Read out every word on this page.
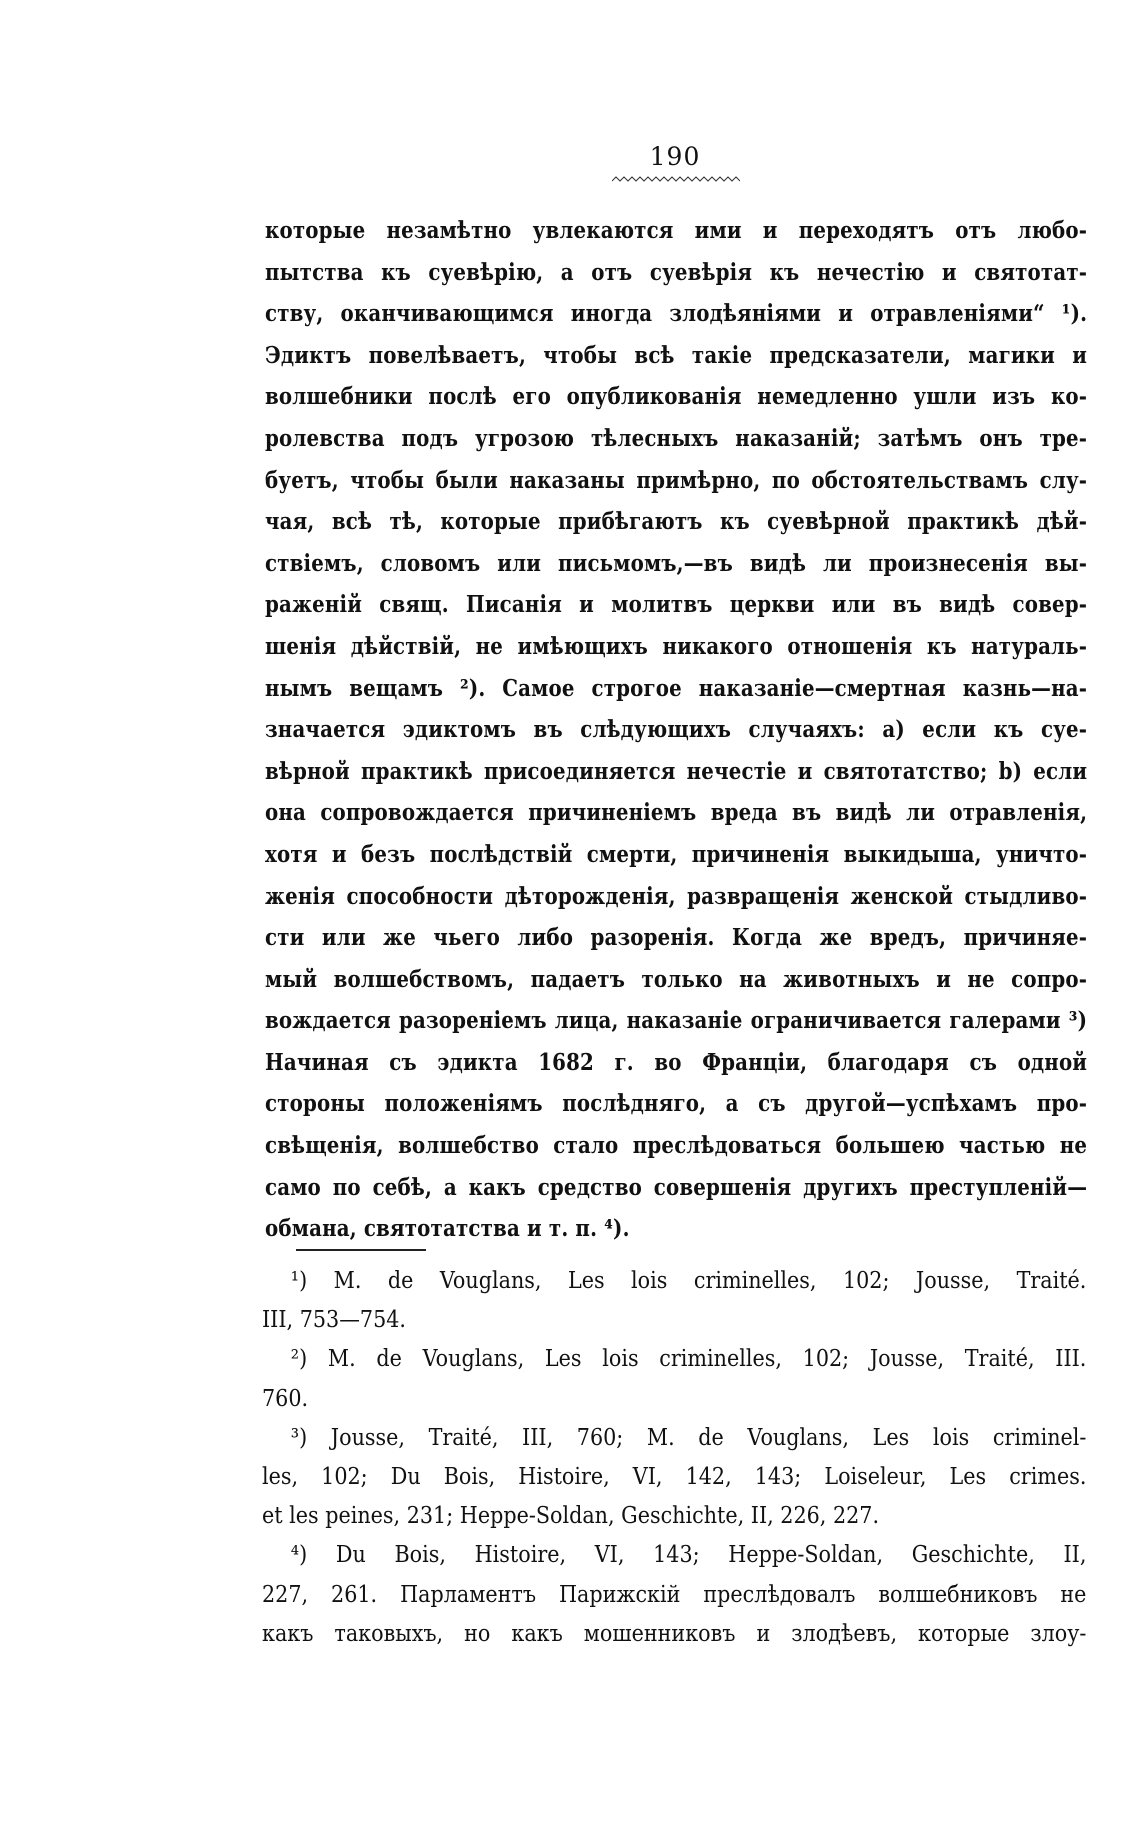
190
которые незамѣтно увлекаются ими и переходятъ отъ любо-
пытства къ суевѣрію, а отъ суевѣрія къ нечестію и святотат-
ству, оканчивающимся иногда злодѣяніями и отравленіями“ ¹).
Эдиктъ повелѣваетъ, чтобы всѣ такіе предсказатели, магики и
волшебники послѣ его опубликованія немедленно ушли изъ ко-
ролевства подъ угрозою тѣлесныхъ наказаній; затѣмъ онъ тре-
буетъ, чтобы были наказаны примѣрно, по обстоятельствамъ слу-
чая, всѣ тѣ, которые прибѣгаютъ къ суевѣрной практикѣ дѣй-
ствіемъ, словомъ или письмомъ,—въ видѣ ли произнесенія вы-
раженій свящ. Писанія и молитвъ церкви или въ видѣ совер-
шенія дѣйствій, не имѣющихъ никакого отношенія къ натураль-
нымъ вещамъ ²). Самое строгое наказаніе—смертная казнь—на-
значается эдиктомъ въ слѣдующихъ случаяхъ: a) если къ суе-
вѣрной практикѣ присоединяется нечестіе и святотатство; b) если
она сопровождается причиненіемъ вреда въ видѣ ли отравленія,
хотя и безъ послѣдствій смерти, причиненія выкидыша, уничто-
женія способности дѣторожденія, развращенія женской стыдливо-
сти или же чьего либо разоренія. Когда же вредъ, причиняе-
мый волшебствомъ, падаетъ только на животныхъ и не сопро-
вождается разореніемъ лица, наказаніе ограничивается галерами ³)
Начиная съ эдикта 1682 г. во Франціи, благодаря съ одной
стороны положеніямъ послѣдняго, а съ другой—успѣхамъ про-
свѣщенія, волшебство стало преслѣдоваться большею частью не
само по себѣ, а какъ средство совершенія другихъ преступленій—
обмана, святотатства и т. п. ⁴).
¹) M. de Vouglans, Les lois criminelles, 102; Jousse, Traité.
III, 753—754.
²) M. de Vouglans, Les lois criminelles, 102; Jousse, Traité, III.
760.
³) Jousse, Traité, III, 760; M. de Vouglans, Les lois criminel-
les, 102; Du Bois, Histoire, VI, 142, 143; Loiseleur, Les crimes.
et les peines, 231; Heppe-Soldan, Geschichte, II, 226, 227.
⁴) Du Bois, Histoire, VI, 143; Heppe-Soldan, Geschichte, II,
227, 261. Парламентъ Парижскій преслѣдовалъ волшебниковъ не
какъ таковыхъ, но какъ мошенниковъ и злодѣевъ, которые злоу-
